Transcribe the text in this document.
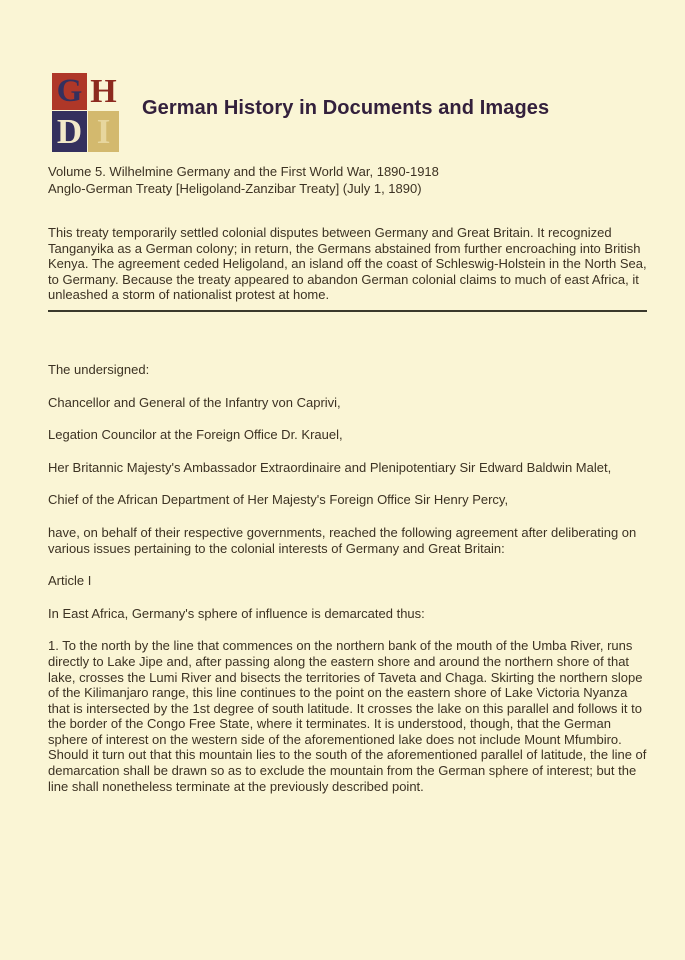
G H
D I
German History in Documents and Images
Volume 5. Wilhelmine Germany and the First World War, 1890-1918
Anglo-German Treaty [Heligoland-Zanzibar Treaty] (July 1, 1890)
This treaty temporarily settled colonial disputes between Germany and Great Britain. It recognized Tanganyika as a German colony; in return, the Germans abstained from further encroaching into British Kenya. The agreement ceded Heligoland, an island off the coast of Schleswig-Holstein in the North Sea, to Germany. Because the treaty appeared to abandon German colonial claims to much of east Africa, it unleashed a storm of nationalist protest at home.

The undersigned:

Chancellor and General of the Infantry von Caprivi,

Legation Councilor at the Foreign Office Dr. Krauel,

Her Britannic Majesty's Ambassador Extraordinaire and Plenipotentiary Sir Edward Baldwin Malet,

Chief of the African Department of Her Majesty's Foreign Office Sir Henry Percy,

have, on behalf of their respective governments, reached the following agreement after deliberating on various issues pertaining to the colonial interests of Germany and Great Britain:

Article I

In East Africa, Germany's sphere of influence is demarcated thus:

1. To the north by the line that commences on the northern bank of the mouth of the Umba River, runs directly to Lake Jipe and, after passing along the eastern shore and around the northern shore of that lake, crosses the Lumi River and bisects the territories of Taveta and Chaga. Skirting the northern slope of the Kilimanjaro range, this line continues to the point on the eastern shore of Lake Victoria Nyanza that is intersected by the 1st degree of south latitude. It crosses the lake on this parallel and follows it to the border of the Congo Free State, where it terminates. It is understood, though, that the German sphere of interest on the western side of the aforementioned lake does not include Mount Mfumbiro. Should it turn out that this mountain lies to the south of the aforementioned parallel of latitude, the line of demarcation shall be drawn so as to exclude the mountain from the German sphere of interest; but the line shall nonetheless terminate at the previously described point.
